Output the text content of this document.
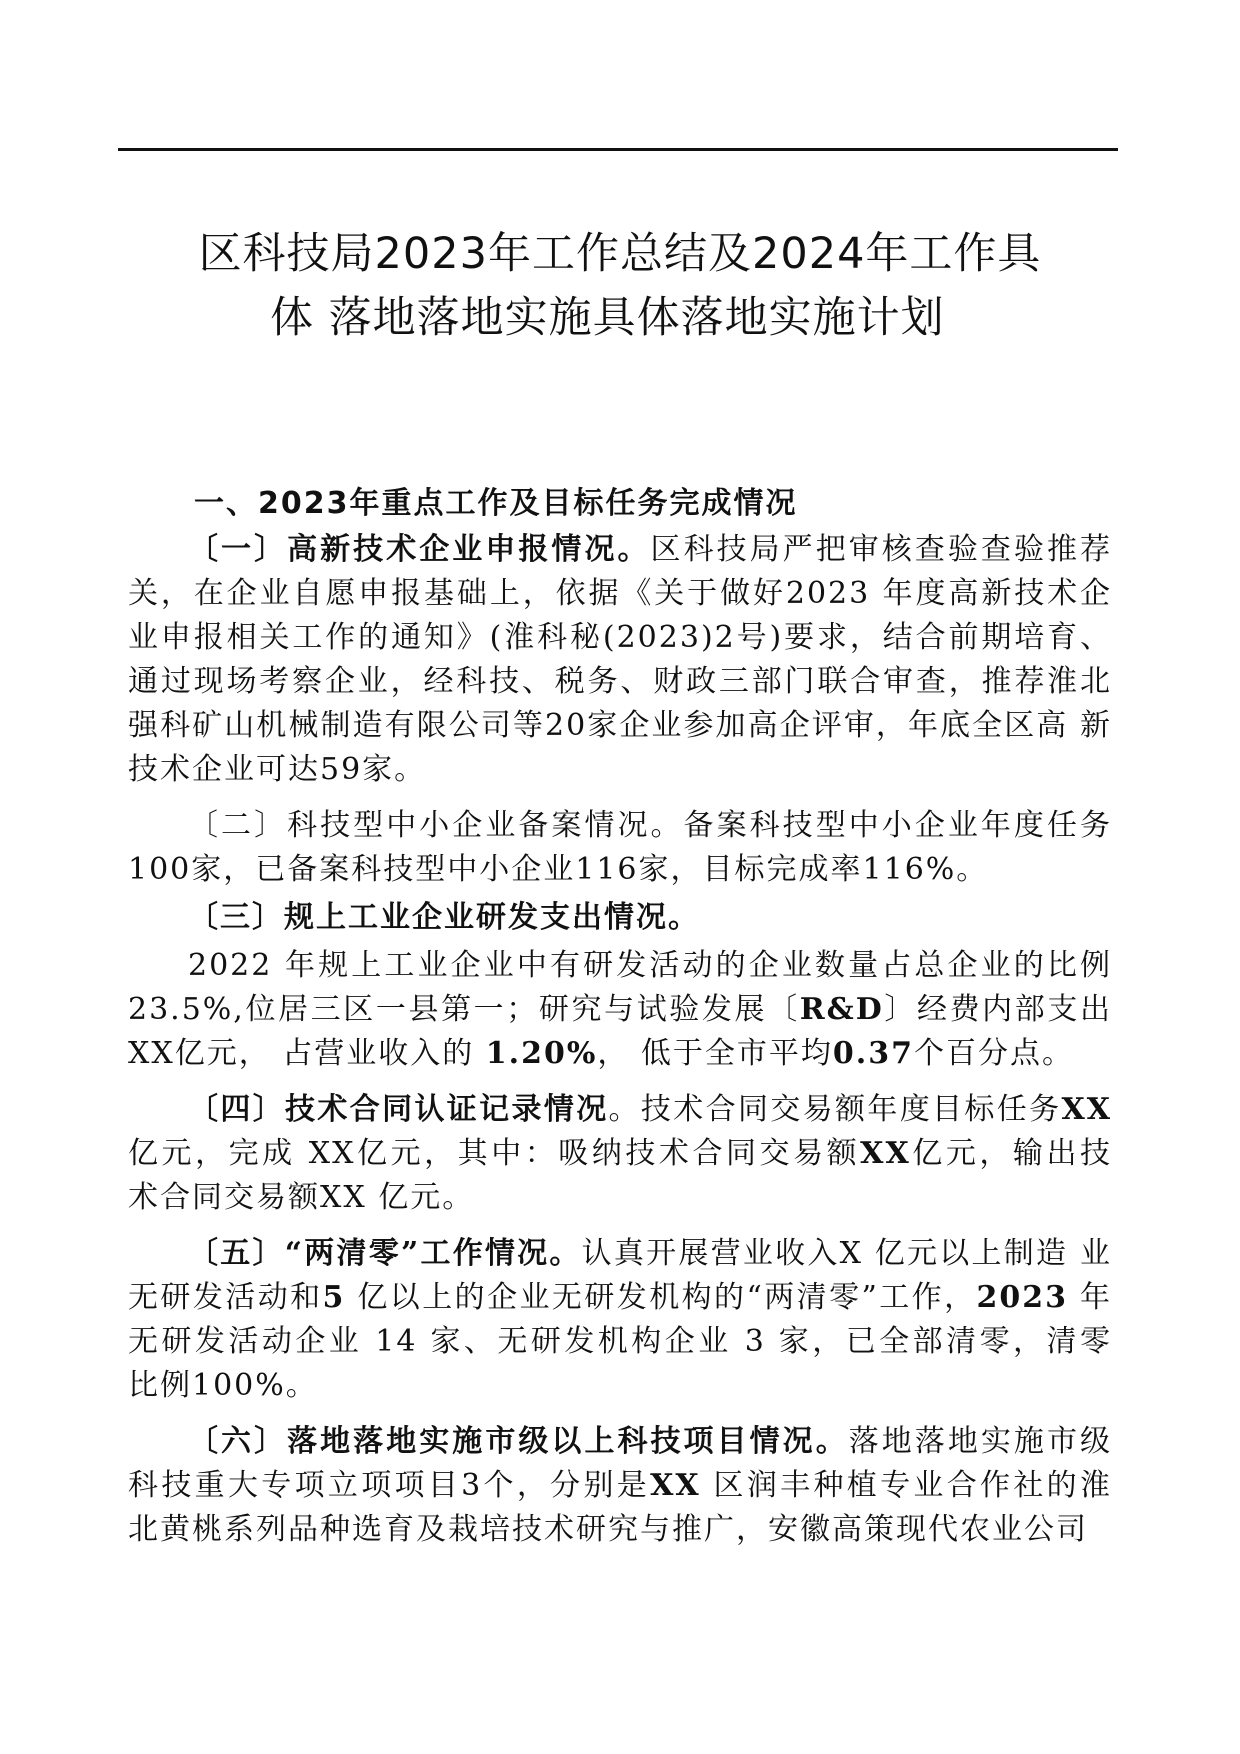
区科技局2023年工作总结及2024年工作具
体 落地落地实施具体落地实施计划
一、2023年重点工作及目标任务完成情况

〔一〕高新技术企业申报情况。区科技局严把审核查验查验推荐关，在企业自愿申报基础上，依据《关于做好2023 年度高新技术企 业申报相关工作的通知》(淮科秘(2023)2号)要求，结合前期培育、 通过现场考察企业，经科技、税务、财政三部门联合审查，推荐淮北 强科矿山机械制造有限公司等20家企业参加高企评审，年底全区高 新技术企业可达59家。

〔二〕科技型中小企业备案情况。备案科技型中小企业年度任务100家，已备案科技型中小企业116家，目标完成率116%。

〔三〕规上工业企业研发支出情况。

2022 年规上工业企业中有研发活动的企业数量占总企业的比例23.5%,位居三区一县第一；研究与试验发展〔R&D〕经费内部支出XX亿元， 占营业收入的 1.20%， 低于全市平均0.37个百分点。

〔四〕技术合同认证记录情况。技术合同交易额年度目标任务XX亿元，完成 XX亿元，其中：吸纳技术合同交易额XX亿元，输出技 术合同交易额XX 亿元。

〔五〕“两清零”工作情况。认真开展营业收入X 亿元以上制造 业无研发活动和5 亿以上的企业无研发机构的“两清零”工作，2023 年无研发活动企业 14 家、无研发机构企业 3 家，已全部清零，清零 比例100%。

〔六〕落地落地实施市级以上科技项目情况。落地落地实施市级科技重大专项立项项目3个，分别是XX 区润丰种植专业合作社的淮 北黄桃系列品种选育及栽培技术研究与推广，安徽高策现代农业公司
